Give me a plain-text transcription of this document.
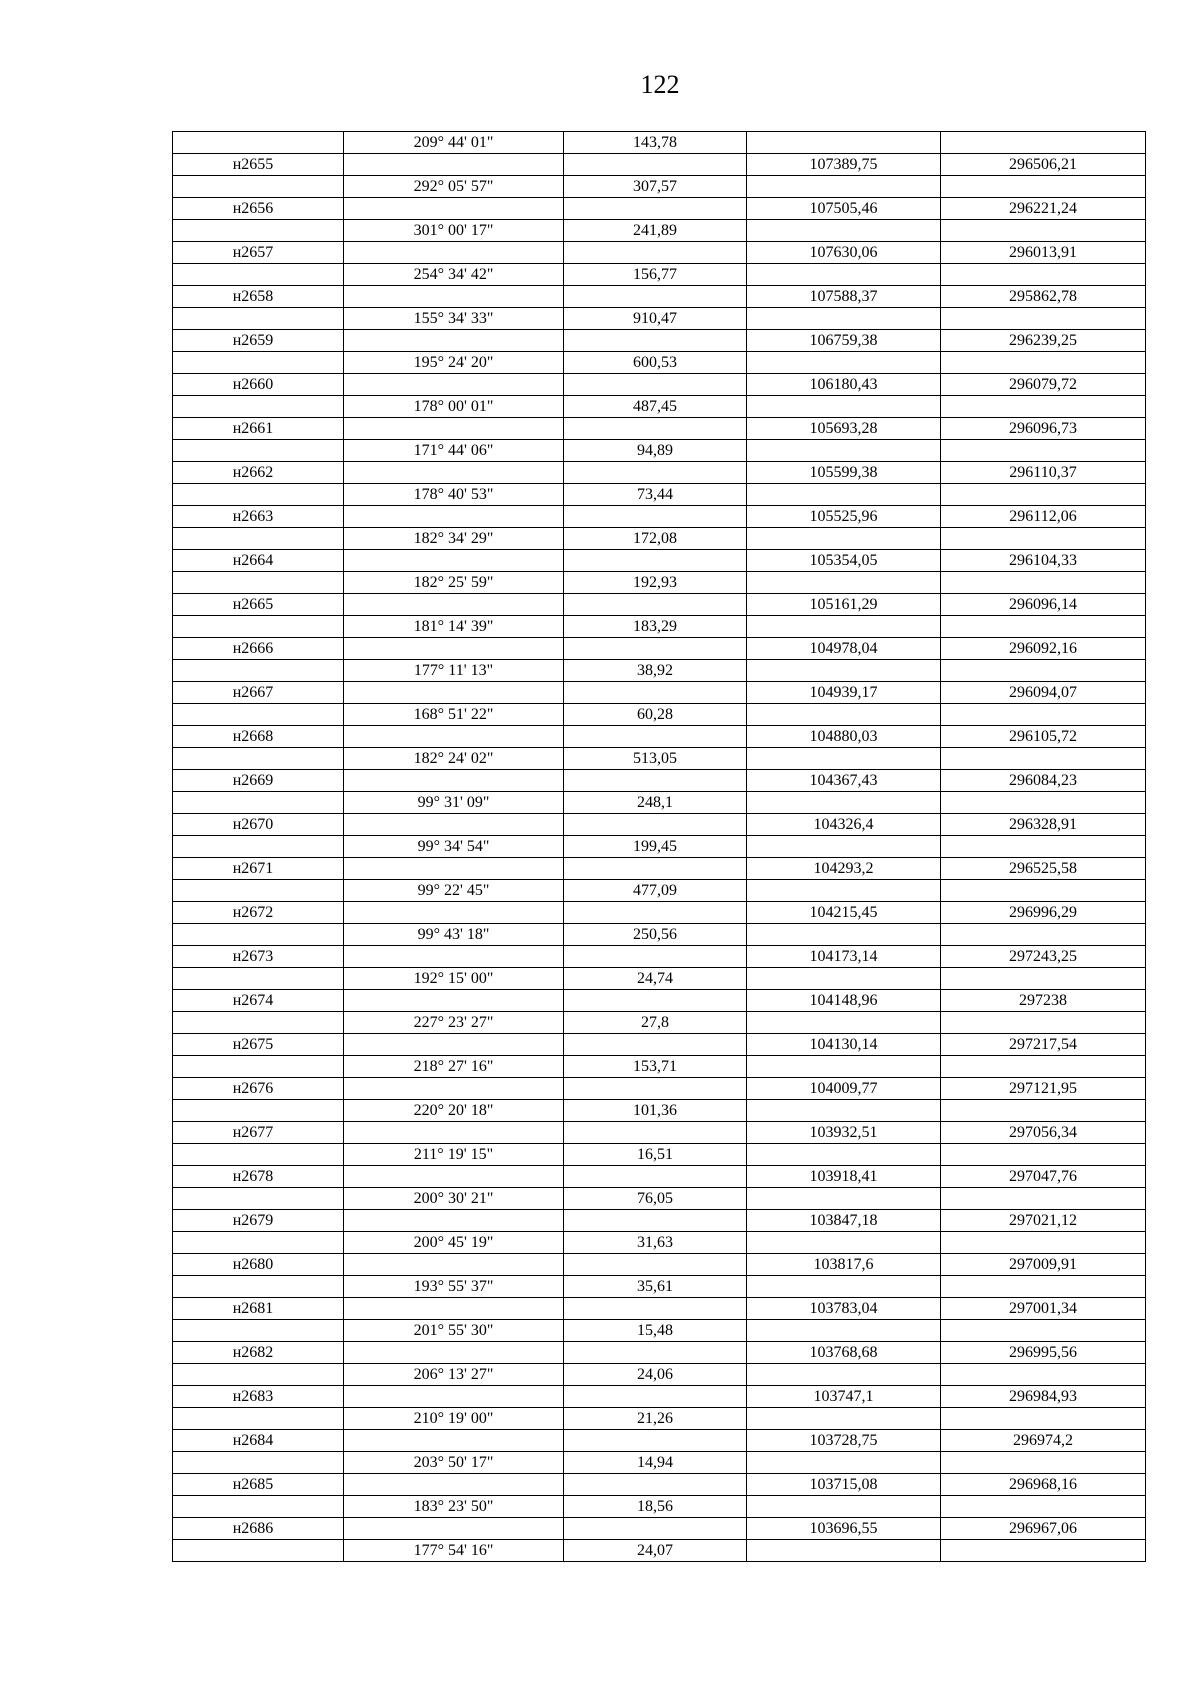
122
	209° 44' 01"	143,78		
н2655			107389,75	296506,21
	292° 05' 57"	307,57		
н2656			107505,46	296221,24
	301° 00' 17"	241,89		
н2657			107630,06	296013,91
	254° 34' 42"	156,77		
н2658			107588,37	295862,78
	155° 34' 33"	910,47		
н2659			106759,38	296239,25
	195° 24' 20"	600,53		
н2660			106180,43	296079,72
	178° 00' 01"	487,45		
н2661			105693,28	296096,73
	171° 44' 06"	94,89		
н2662			105599,38	296110,37
	178° 40' 53"	73,44		
н2663			105525,96	296112,06
	182° 34' 29"	172,08		
н2664			105354,05	296104,33
	182° 25' 59"	192,93		
н2665			105161,29	296096,14
	181° 14' 39"	183,29		
н2666			104978,04	296092,16
	177° 11' 13"	38,92		
н2667			104939,17	296094,07
	168° 51' 22"	60,28		
н2668			104880,03	296105,72
	182° 24' 02"	513,05		
н2669			104367,43	296084,23
	99° 31' 09"	248,1		
н2670			104326,4	296328,91
	99° 34' 54"	199,45		
н2671			104293,2	296525,58
	99° 22' 45"	477,09		
н2672			104215,45	296996,29
	99° 43' 18"	250,56		
н2673			104173,14	297243,25
	192° 15' 00"	24,74		
н2674			104148,96	297238
	227° 23' 27"	27,8		
н2675			104130,14	297217,54
	218° 27' 16"	153,71		
н2676			104009,77	297121,95
	220° 20' 18"	101,36		
н2677			103932,51	297056,34
	211° 19' 15"	16,51		
н2678			103918,41	297047,76
	200° 30' 21"	76,05		
н2679			103847,18	297021,12
	200° 45' 19"	31,63		
н2680			103817,6	297009,91
	193° 55' 37"	35,61		
н2681			103783,04	297001,34
	201° 55' 30"	15,48		
н2682			103768,68	296995,56
	206° 13' 27"	24,06		
н2683			103747,1	296984,93
	210° 19' 00"	21,26		
н2684			103728,75	296974,2
	203° 50' 17"	14,94		
н2685			103715,08	296968,16
	183° 23' 50"	18,56		
н2686			103696,55	296967,06
	177° 54' 16"	24,07		
